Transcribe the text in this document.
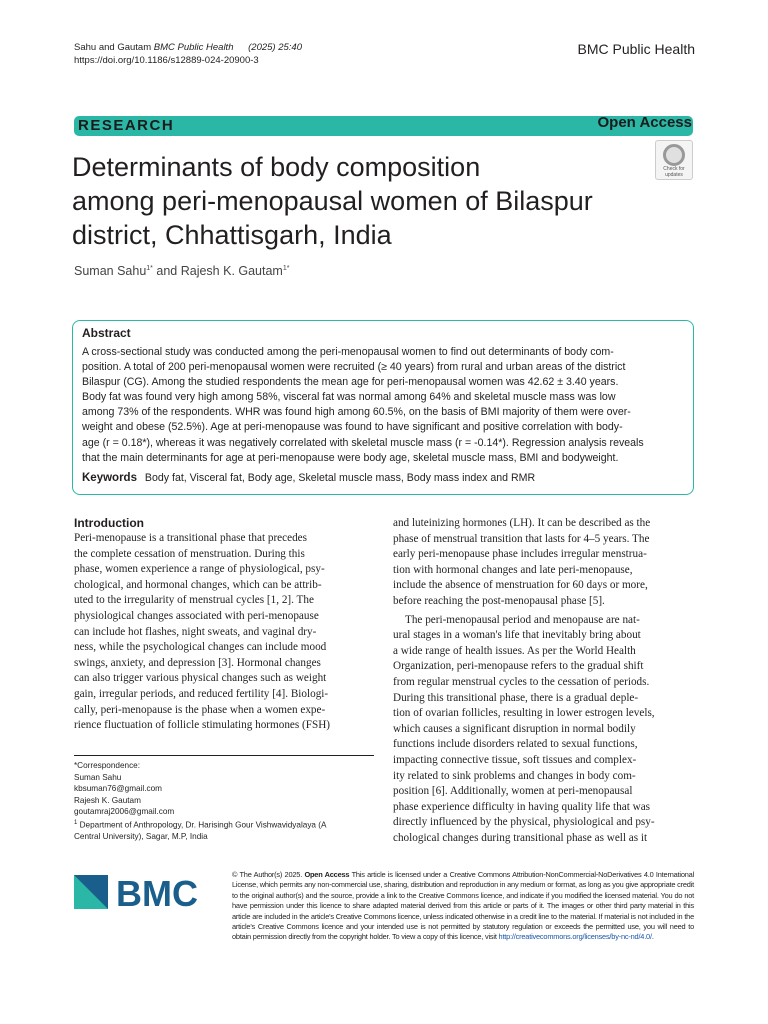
Sahu and Gautam BMC Public Health (2025) 25:40
https://doi.org/10.1186/s12889-024-20900-3
BMC Public Health
RESEARCH	Open Access
Check for
updates
Determinants of body composition
among peri-menopausal women of Bilaspur
district, Chhattisgarh, India
Suman Sahu$^{1*}$ and Rajesh K. Gautam$^{1*}$
Abstract
A cross-sectional study was conducted among the peri-menopausal women to find out determinants of body com-
position. A total of 200 peri-menopausal women were recruited (≥ 40 years) from rural and urban areas of the district
Bilaspur (CG). Among the studied respondents the mean age for peri-menopausal women was 42.62 ± 3.40 years.
Body fat was found very high among 58%, visceral fat was normal among 64% and skeletal muscle mass was low
among 73% of the respondents. WHR was found high among 60.5%, on the basis of BMI majority of them were over-
weight and obese (52.5%). Age at peri-menopause was found to have significant and positive correlation with body-
age (r = 0.18*), whereas it was negatively correlated with skeletal muscle mass (r = -0.14*). Regression analysis reveals
that the main determinants for age at peri-menopause were body age, skeletal muscle mass, BMI and bodyweight.
Keywords Body fat, Visceral fat, Body age, Skeletal muscle mass, Body mass index and RMR
Introduction
Peri-menopause is a transitional phase that precedes
the complete cessation of menstruation. During this
phase, women experience a range of physiological, psy-
chological, and hormonal changes, which can be attrib-
uted to the irregularity of menstrual cycles [1, 2]. The
physiological changes associated with peri-menopause
can include hot flashes, night sweats, and vaginal dry-
ness, while the psychological changes can include mood
swings, anxiety, and depression [3]. Hormonal changes
can also trigger various physical changes such as weight
gain, irregular periods, and reduced fertility [4]. Biologi-
cally, peri-menopause is the phase when a women expe-
rience fluctuation of follicle stimulating hormones (FSH)
and luteinizing hormones (LH). It can be described as the
phase of menstrual transition that lasts for 4–5 years. The
early peri-menopause phase includes irregular menstrua-
tion with hormonal changes and late peri-menopause,
include the absence of menstruation for 60 days or more,
before reaching the post-menopausal phase [5].
The peri-menopausal period and menopause are nat-
ural stages in a woman's life that inevitably bring about
a wide range of health issues. As per the World Health
Organization, peri-menopause refers to the gradual shift
from regular menstrual cycles to the cessation of periods.
During this transitional phase, there is a gradual deple-
tion of ovarian follicles, resulting in lower estrogen levels,
which causes a significant disruption in normal bodily
functions include disorders related to sexual functions,
impacting connective tissue, soft tissues and complex-
ity related to sink problems and changes in body com-
position [6]. Additionally, women at peri-menopausal
phase experience difficulty in having quality life that was
directly influenced by the physical, physiological and psy-
chological changes during transitional phase as well as it
*Correspondence:
Suman Sahu
kbsuman76@gmail.com
Rajesh K. Gautam
goutamraj2006@gmail.com
$^1$ Department of Anthropology, Dr. Harisingh Gour Vishwavidyalaya (A
Central University), Sagar, M.P, India
BMC	© The Author(s) 2025. Open Access This article is licensed under a Creative Commons Attribution-NonCommercial-NoDerivatives 4.0 International License, which permits any non-commercial use, sharing, distribution and reproduction in any medium or format, as long as you give appropriate credit to the original author(s) and the source, provide a link to the Creative Commons licence, and indicate if you modified the licensed material. You do not have permission under this licence to share adapted material derived from this article or parts of it. The images or other third party material in this article are included in the article's Creative Commons licence, unless indicated otherwise in a credit line to the material. If material is not included in the article's Creative Commons licence and your intended use is not permitted by statutory regulation or exceeds the permitted use, you will need to obtain permission directly from the copyright holder. To view a copy of this licence, visit http://creativecommons.org/licenses/by-nc-nd/4.0/.
